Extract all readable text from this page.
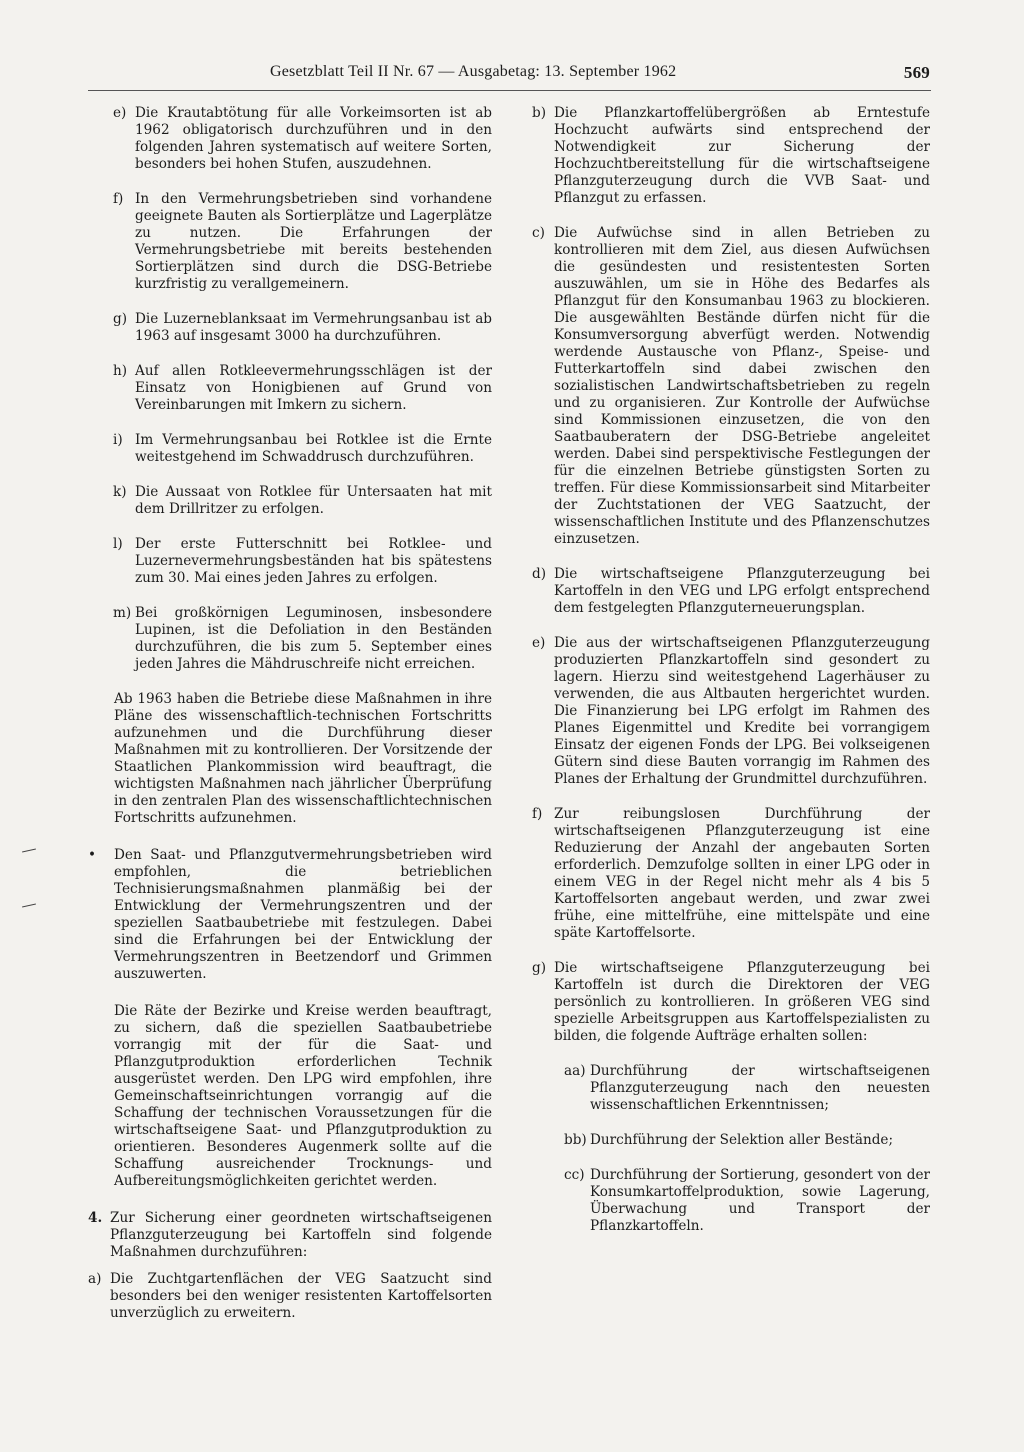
Gesetzblatt Teil II Nr. 67 — Ausgabetag: 13. September 1962	569
e) Die Krautabtötung für alle Vorkeimsorten ist ab 1962 obligatorisch durchzuführen und in den folgenden Jahren systematisch auf weitere Sorten, besonders bei hohen Stufen, auszudehnen.
f) In den Vermehrungsbetrieben sind vorhandene geeignete Bauten als Sortierplätze und Lagerplätze zu nutzen. Die Erfahrungen der Vermehrungsbetriebe mit bereits bestehenden Sortierplätzen sind durch die DSG-Betriebe kurzfristig zu verallgemeinern.
g) Die Luzerneblanksaat im Vermehrungsanbau ist ab 1963 auf insgesamt 3000 ha durchzuführen.
h) Auf allen Rotkleevermehrungsschlägen ist der Einsatz von Honigbienen auf Grund von Vereinbarungen mit Imkern zu sichern.
i) Im Vermehrungsanbau bei Rotklee ist die Ernte weitestgehend im Schwaddrusch durchzuführen.
k) Die Aussaat von Rotklee für Untersaaten hat mit dem Drillritzer zu erfolgen.
l) Der erste Futterschnitt bei Rotklee- und Luzernevermehrungsbeständen hat bis spätestens zum 30. Mai eines jeden Jahres zu erfolgen.
m) Bei großkörnigen Leguminosen, insbesondere Lupinen, ist die Defoliation in den Beständen durchzuführen, die bis zum 5. September eines jeden Jahres die Mähdruschreife nicht erreichen.

Ab 1963 haben die Betriebe diese Maßnahmen in ihre Pläne des wissenschaftlich-technischen Fortschritts aufzunehmen und die Durchführung dieser Maßnahmen mit zu kontrollieren. Der Vorsitzende der Staatlichen Plankommission wird beauftragt, die wichtigsten Maßnahmen nach jährlicher Überprüfung in den zentralen Plan des wissenschaftlichtechnischen Fortschritts aufzunehmen.

• Den Saat- und Pflanzgutvermehrungsbetrieben wird empfohlen, die betrieblichen Technisierungsmaßnahmen planmäßig bei der Entwicklung der Vermehrungszentren und der speziellen Saatbaubetriebe mit festzulegen. Dabei sind die Erfahrungen bei der Entwicklung der Vermehrungszentren in Beetzendorf und Grimmen auszuwerten.

Die Räte der Bezirke und Kreise werden beauftragt, zu sichern, daß die speziellen Saatbaubetriebe vorrangig mit der für die Saat- und Pflanzgutproduktion erforderlichen Technik ausgerüstet werden. Den LPG wird empfohlen, ihre Gemeinschaftseinrichtungen vorrangig auf die Schaffung der technischen Voraussetzungen für die wirtschaftseigene Saat- und Pflanzgutproduktion zu orientieren. Besonderes Augenmerk sollte auf die Schaffung ausreichender Trocknungs- und Aufbereitungsmöglichkeiten gerichtet werden.

4. Zur Sicherung einer geordneten wirtschaftseigenen Pflanzguterzeugung bei Kartoffeln sind folgende Maßnahmen durchzuführen:
a) Die Zuchtgartenflächen der VEG Saatzucht sind besonders bei den weniger resistenten Kartoffelsorten unverzüglich zu erweitern.
b) Die Pflanzkartoffelübergrößen ab Erntestufe Hochzucht aufwärts sind entsprechend der Notwendigkeit zur Sicherung der Hochzuchtbereitstellung für die wirtschaftseigene Pflanzguterzeugung durch die VVB Saat- und Pflanzgut zu erfassen.
c) Die Aufwüchse sind in allen Betrieben zu kontrollieren mit dem Ziel, aus diesen Aufwüchsen die gesündesten und resistentesten Sorten auszuwählen, um sie in Höhe des Bedarfes als Pflanzgut für den Konsumanbau 1963 zu blockieren. Die ausgewählten Bestände dürfen nicht für die Konsumversorgung abverfügt werden. Notwendig werdende Austausche von Pflanz-, Speise- und Futterkartoffeln sind dabei zwischen den sozialistischen Landwirtschaftsbetrieben zu regeln und zu organisieren. Zur Kontrolle der Aufwüchse sind Kommissionen einzusetzen, die von den Saatbauberatern der DSG-Betriebe angeleitet werden. Dabei sind perspektivische Festlegungen der für die einzelnen Betriebe günstigsten Sorten zu treffen. Für diese Kommissionsarbeit sind Mitarbeiter der Zuchtstationen der VEG Saatzucht, der wissenschaftlichen Institute und des Pflanzenschutzes einzusetzen.
d) Die wirtschaftseigene Pflanzguterzeugung bei Kartoffeln in den VEG und LPG erfolgt entsprechend dem festgelegten Pflanzguterneuerungsplan.
e) Die aus der wirtschaftseigenen Pflanzguterzeugung produzierten Pflanzkartoffeln sind gesondert zu lagern. Hierzu sind weitestgehend Lagerhäuser zu verwenden, die aus Altbauten hergerichtet wurden. Die Finanzierung bei LPG erfolgt im Rahmen des Planes Eigenmittel und Kredite bei vorrangigem Einsatz der eigenen Fonds der LPG. Bei volkseigenen Gütern sind diese Bauten vorrangig im Rahmen des Planes der Erhaltung der Grundmittel durchzuführen.
f) Zur reibungslosen Durchführung der wirtschaftseigenen Pflanzguterzeugung ist eine Reduzierung der Anzahl der angebauten Sorten erforderlich. Demzufolge sollten in einer LPG oder in einem VEG in der Regel nicht mehr als 4 bis 5 Kartoffelsorten angebaut werden, und zwar zwei frühe, eine mittelfrühe, eine mittelspäte und eine späte Kartoffelsorte.
g) Die wirtschaftseigene Pflanzguterzeugung bei Kartoffeln ist durch die Direktoren der VEG persönlich zu kontrollieren. In größeren VEG sind spezielle Arbeitsgruppen aus Kartoffelspezialisten zu bilden, die folgende Aufträge erhalten sollen:
aa) Durchführung der wirtschaftseigenen Pflanzguterzeugung nach den neuesten wissenschaftlichen Erkenntnissen;
bb) Durchführung der Selektion aller Bestände;
cc) Durchführung der Sortierung, gesondert von der Konsumkartoffelproduktion, sowie Lagerung, Überwachung und Transport der Pflanzkartoffeln.
